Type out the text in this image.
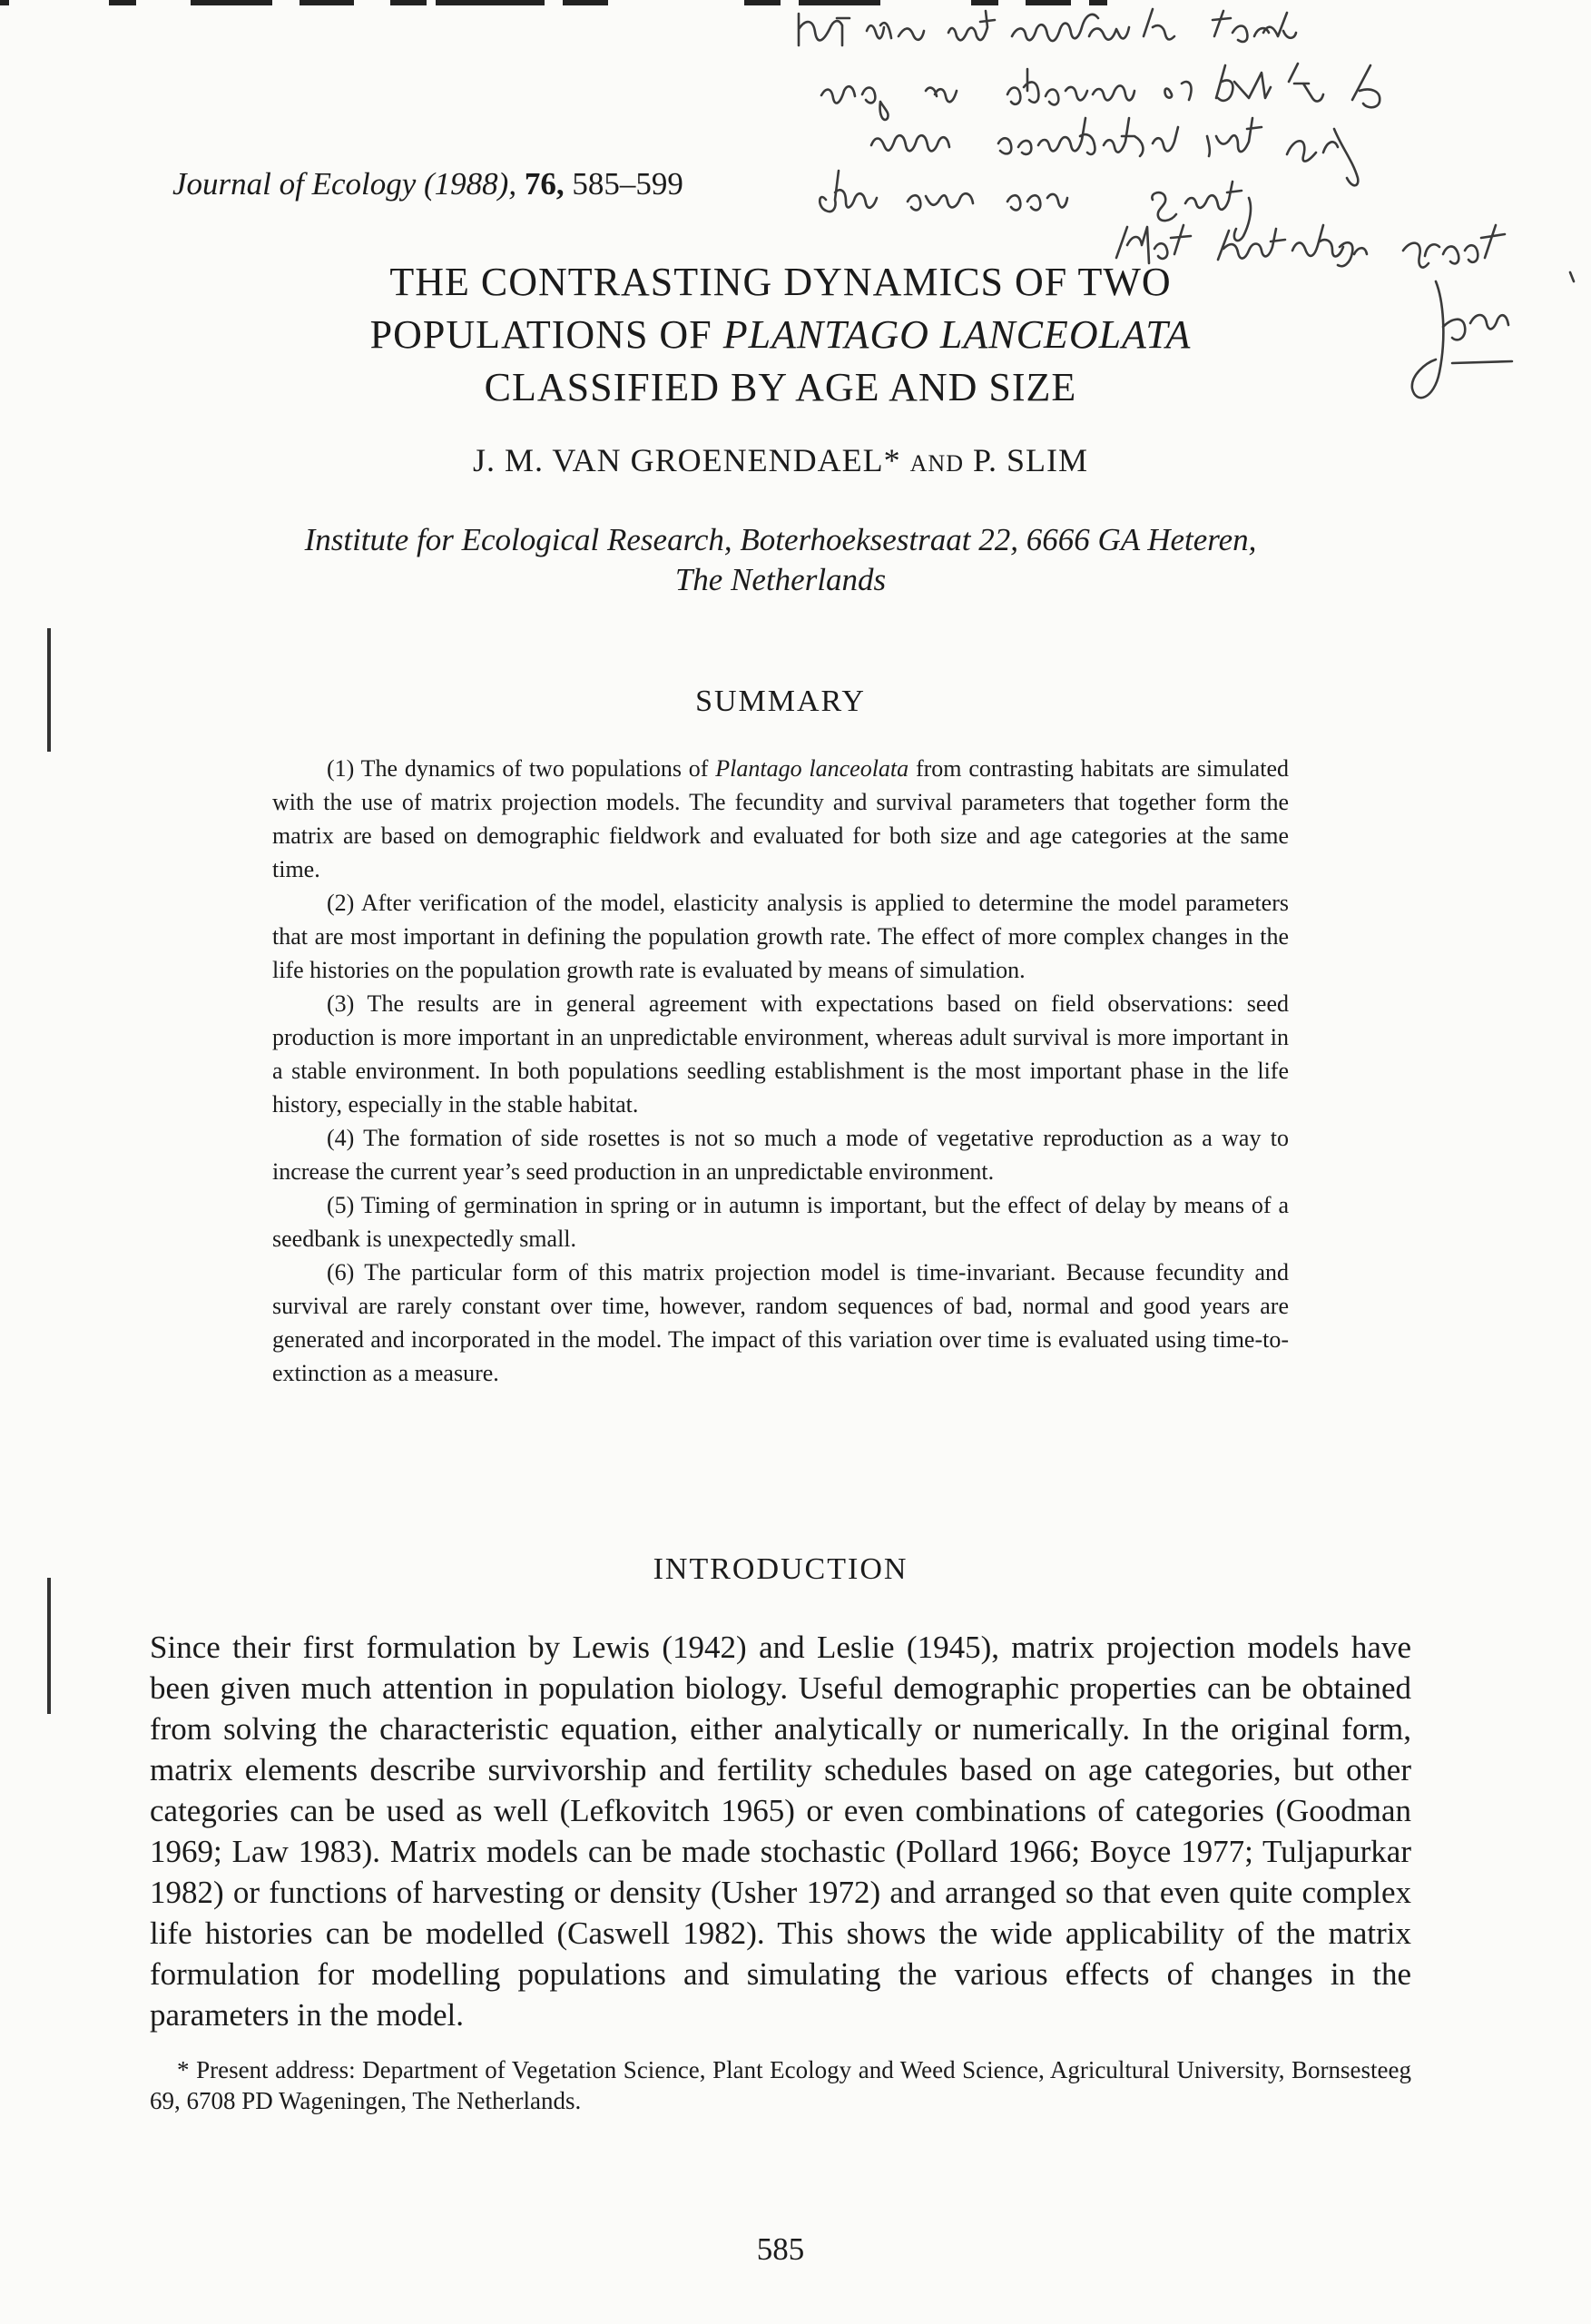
Journal of Ecology (1988), 76, 585–599
THE CONTRASTING DYNAMICS OF TWO
POPULATIONS OF PLANTAGO LANCEOLATA
CLASSIFIED BY AGE AND SIZE
J. M. VAN GROENENDAEL* AND P. SLIM
Institute for Ecological Research, Boterhoeksestraat 22, 6666 GA Heteren,
The Netherlands
SUMMARY

(1) The dynamics of two populations of Plantago lanceolata from contrasting habitats are simulated with the use of matrix projection models. The fecundity and survival parameters that together form the matrix are based on demographic fieldwork and evaluated for both size and age categories at the same time.

(2) After verification of the model, elasticity analysis is applied to determine the model parameters that are most important in defining the population growth rate. The effect of more complex changes in the life histories on the population growth rate is evaluated by means of simulation.

(3) The results are in general agreement with expectations based on field observations: seed production is more important in an unpredictable environment, whereas adult survival is more important in a stable environment. In both populations seedling establishment is the most important phase in the life history, especially in the stable habitat.

(4) The formation of side rosettes is not so much a mode of vegetative reproduction as a way to increase the current year’s seed production in an unpredictable environment.

(5) Timing of germination in spring or in autumn is important, but the effect of delay by means of a seedbank is unexpectedly small.

(6) The particular form of this matrix projection model is time-invariant. Because fecundity and survival are rarely constant over time, however, random sequences of bad, normal and good years are generated and incorporated in the model. The impact of this variation over time is evaluated using time-to-extinction as a measure.

INTRODUCTION

Since their first formulation by Lewis (1942) and Leslie (1945), matrix projection models have been given much attention in population biology. Useful demographic properties can be obtained from solving the characteristic equation, either analytically or numerically. In the original form, matrix elements describe survivorship and fertility schedules based on age categories, but other categories can be used as well (Lefkovitch 1965) or even combinations of categories (Goodman 1969; Law 1983). Matrix models can be made stochastic (Pollard 1966; Boyce 1977; Tuljapurkar 1982) or functions of harvesting or density (Usher 1972) and arranged so that even quite complex life histories can be modelled (Caswell 1982). This shows the wide applicability of the matrix formulation for modelling populations and simulating the various effects of changes in the parameters in the model.

* Present address: Department of Vegetation Science, Plant Ecology and Weed Science, Agricultural University, Bornsesteeg 69, 6708 PD Wageningen, The Netherlands.

585
